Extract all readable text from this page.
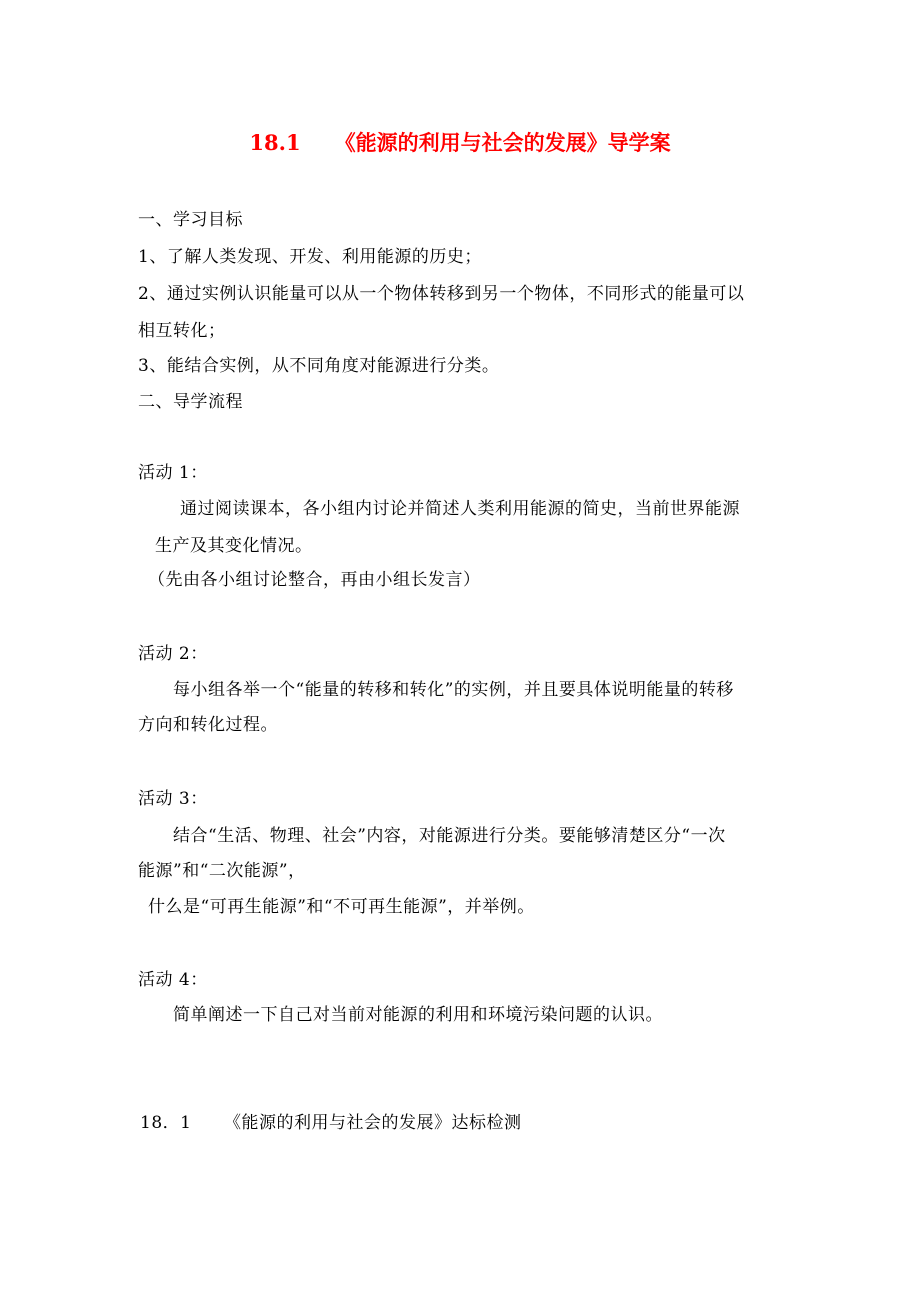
18.1 《能源的利用与社会的发展》导学案
一、学习目标
1、了解人类发现、开发、利用能源的历史；
2、通过实例认识能量可以从一个物体转移到另一个物体，不同形式的能量可以
相互转化；
3、能结合实例，从不同角度对能源进行分类。
二、导学流程
活动 1：
通过阅读课本，各小组内讨论并简述人类利用能源的简史，当前世界能源
生产及其变化情况。
（先由各小组讨论整合，再由小组长发言）
活动 2：
每小组各举一个“能量的转移和转化”的实例，并且要具体说明能量的转移
方向和转化过程。
活动 3：
结合“生活、物理、社会”内容，对能源进行分类。要能够清楚区分“一次
能源”和“二次能源”，
什么是“可再生能源”和“不可再生能源”，并举例。
活动 4：
简单阐述一下自己对当前对能源的利用和环境污染问题的认识。
18．1 《能源的利用与社会的发展》达标检测
